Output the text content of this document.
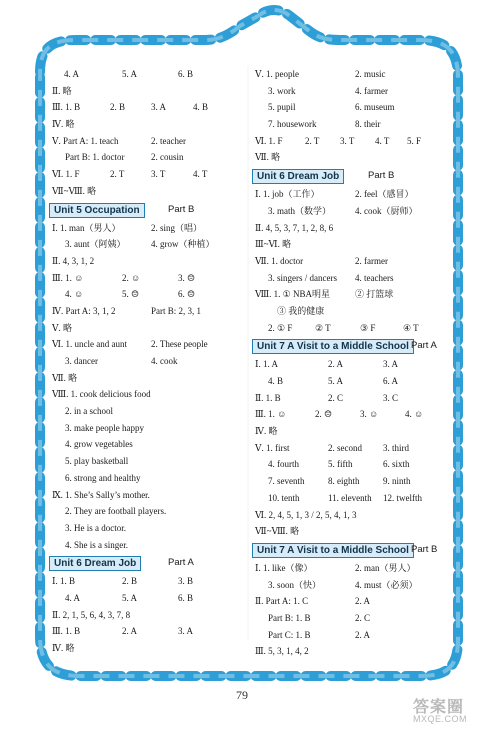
4. A	5. A	6. B
Ⅱ. 略
Ⅲ. 1. B	2. B	3. A	4. B
Ⅳ. 略
Ⅴ. Part A: 1. teach	2. teacher
Part B: 1. doctor	2. cousin
Ⅵ. 1. F	2. T	3. T	4. T
Ⅶ~Ⅷ. 略
Unit 5 Occupation	Part B
Ⅰ. 1. man（男人）	2. sing（唱）
3. aunt（阿姨）	4. grow（种植）
Ⅱ. 4, 3, 1, 2
Ⅲ. 1. ☺	2. ☺	3. ☹
4. ☺	5. ☹	6. ☹
Ⅳ. Part A: 3, 1, 2	Part B: 2, 3, 1
Ⅴ. 略
Ⅵ. 1. uncle and aunt	2. These people
3. dancer	4. cook
Ⅶ. 略
Ⅷ. 1. cook delicious food
2. in a school
3. make people happy
4. grow vegetables
5. play basketball
6. strong and healthy
Ⅸ. 1. She’s Sally’s mother.
2. They are football players.
3. He is a doctor.
4. She is a singer.
Unit 6 Dream Job	Part A
Ⅰ. 1. B	2. B	3. B
4. A	5. A	6. B
Ⅱ. 2, 1, 5, 6, 4, 3, 7, 8
Ⅲ. 1. B	2. A	3. A
Ⅳ. 略
Ⅴ. 1. people	2. music
3. work	4. farmer
5. pupil	6. museum
7. housework	8. their
Ⅵ. 1. F 2. T 3. T 4. T 5. F
Ⅶ. 略
Unit 6 Dream Job	Part B
Ⅰ. 1. job（工作）	2. feel（感冒）
3. math（数学）	4. cook（厨师）
Ⅱ. 4, 5, 3, 7, 1, 2, 8, 6
Ⅲ~Ⅵ. 略
Ⅶ. 1. doctor	2. farmer
3. singers / dancers 4. teachers
Ⅷ. 1. ① NBA明星	② 打篮球
③ 我的健康
2. ① F	② T	③ F	④ T
Unit 7 A Visit to a Middle School Part A
Ⅰ. 1. A	2. A	3. A
4. B	5. A	6. A
Ⅱ. 1. B	2. C	3. C
Ⅲ. 1. ☺	2. ☹	3. ☺	4. ☺
Ⅳ. 略
Ⅴ. 1. first	2. second 3. third
4. fourth	5. fifth	6. sixth
7. seventh	8. eighth	9. ninth
10. tenth	11. eleventh 12. twelfth
Ⅵ. 2, 4, 5, 1, 3 / 2, 5, 4, 1, 3
Ⅶ~Ⅷ. 略
Unit 7 A Visit to a Middle School Part B
Ⅰ. 1. like（像）	2. man（男人）
3. soon（快）	4. must（必须）
Ⅱ. Part A: 1. C	2. A
Part B: 1. B	2. C
Part C: 1. B	2. A
Ⅲ. 5, 3, 1, 4, 2
79
答案圈
MXQE.COM
